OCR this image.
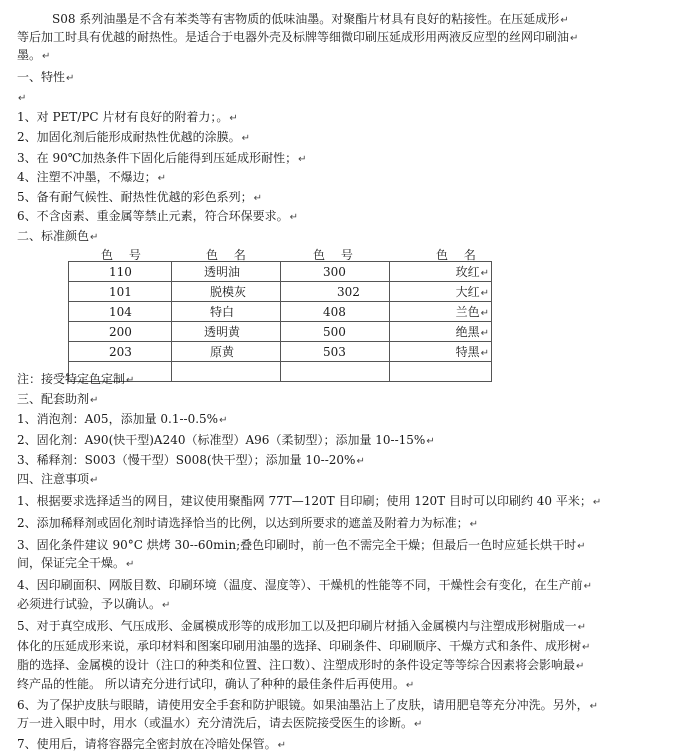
S08 系列油墨是不含有苯类等有害物质的低味油墨。对聚酯片材具有良好的粘接性。在压延成形↵
等后加工时具有优越的耐热性。是适合于电器外壳及标牌等细微印刷压延成形用两液反应型的丝网印刷油↵
墨。↵
一、特性↵
↵
1、对 PET/PC 片材有良好的附着力；。↵
2、加固化剂后能形成耐热性优越的涂膜。↵
3、在 90℃加热条件下固化后能得到压延成形耐性；↵
4、注塑不冲墨，不爆边；↵
5、备有耐气候性、耐热性优越的彩色系列；↵
6、不含卤素、重金属等禁止元素，符合环保要求。↵
二、标准颜色↵
色 号	色 名	色 号	色 名
110	透明油	300	玫红↵
101	脱模灰	302	大红↵
104	特白	408	兰色↵
200	透明黄	500	绝黑↵
203	原黄	503	特黑↵

注：接受特定色定制↵
三、配套助剂↵
1、消泡剂：A05，添加量 0.1--0.5%↵
2、固化剂：A90(快干型)A240（标准型）A96（柔韧型）；添加量 10--15%↵
3、稀释剂：S003（慢干型）S008(快干型）；添加量 10--20%↵
四、注意事项↵
1、根据要求选择适当的网目，建议使用聚酯网 77T—120T 目印刷；使用 120T 目时可以印刷约 40 平米；↵
2、添加稀释剂或固化剂时请选择恰当的比例，以达到所要求的遮盖及附着力为标准；↵
3、固化条件建议 90°C 烘烤 30--60min;叠色印刷时，前一色不需完全干燥；但最后一色时应延长烘干时↵
间，保证完全干燥。↵
4、因印刷面积、网版目数、印刷环境（温度、湿度等）、干燥机的性能等不同，干燥性会有变化，在生产前↵
必须进行试验，予以确认。↵
5、对于真空成形、气压成形、金属模成形等的成形加工以及把印刷片材插入金属模内与注塑成形树脂成一↵
体化的压延成形来说，承印材料和图案印刷用油墨的选择、印刷条件、印刷顺序、干燥方式和条件、成形树↵
脂的选择、金属模的设计（注口的种类和位置、注口数）、注塑成形时的条件设定等等综合因素将会影响最↵
终产品的性能。 所以请充分进行试印，确认了种种的最佳条件后再使用。↵
6、为了保护皮肤与眼睛，请使用安全手套和防护眼镜。如果油墨沾上了皮肤，请用肥皂等充分冲洗。另外，↵
万一进入眼中时，用水（或温水）充分清洗后，请去医院接受医生的诊断。↵
7、使用后，请将容器完全密封放在冷暗处保管。↵
